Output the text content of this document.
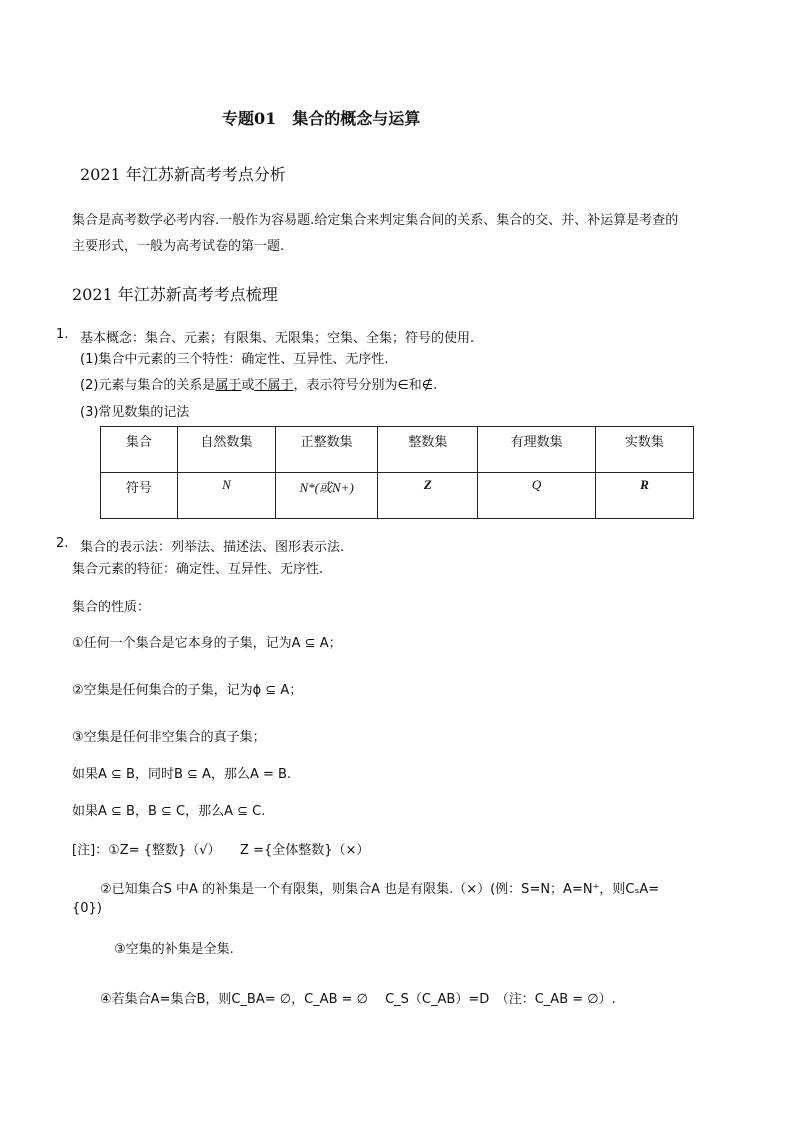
专题01　集合的概念与运算
2021 年江苏新高考考点分析
集合是高考数学必考内容.一般作为容易题.给定集合来判定集合间的关系、集合的交、并、补运算是考查的
主要形式，一般为高考试卷的第一题.
2021 年江苏新高考考点梳理
1. 基本概念：集合、元素；有限集、无限集；空集、全集；符号的使用.
(1)集合中元素的三个特性：确定性、互异性、无序性.
(2)元素与集合的关系是属于或不属于，表示符号分别为∈和∉.
(3)常见数集的记法
集合	自然数集	正整数集	整数集	有理数集	实数集
符号	N	N*(或N+)	Z	Q	R
2. 集合的表示法：列举法、描述法、图形表示法.
集合元素的特征：确定性、互异性、无序性.
集合的性质：
①任何一个集合是它本身的子集，记为A ⊆ A；
②空集是任何集合的子集，记为ϕ ⊆ A；
③空集是任何非空集合的真子集；
如果A ⊆ B，同时B ⊆ A，那么A = B.
如果A ⊆ B，B ⊆ C，那么A ⊆ C.
[注]：①Z= {整数}（√）　　Z ={全体整数}（×）
②已知集合S 中A 的补集是一个有限集，则集合A 也是有限集.（×）(例：S=N；A=N⁺，则CₛA=
{0})
③空集的补集是全集.
④若集合A=集合B，则C_BA= ∅，C_AB = ∅　 C_S（C_AB）=D　（注：C_AB = ∅）.
